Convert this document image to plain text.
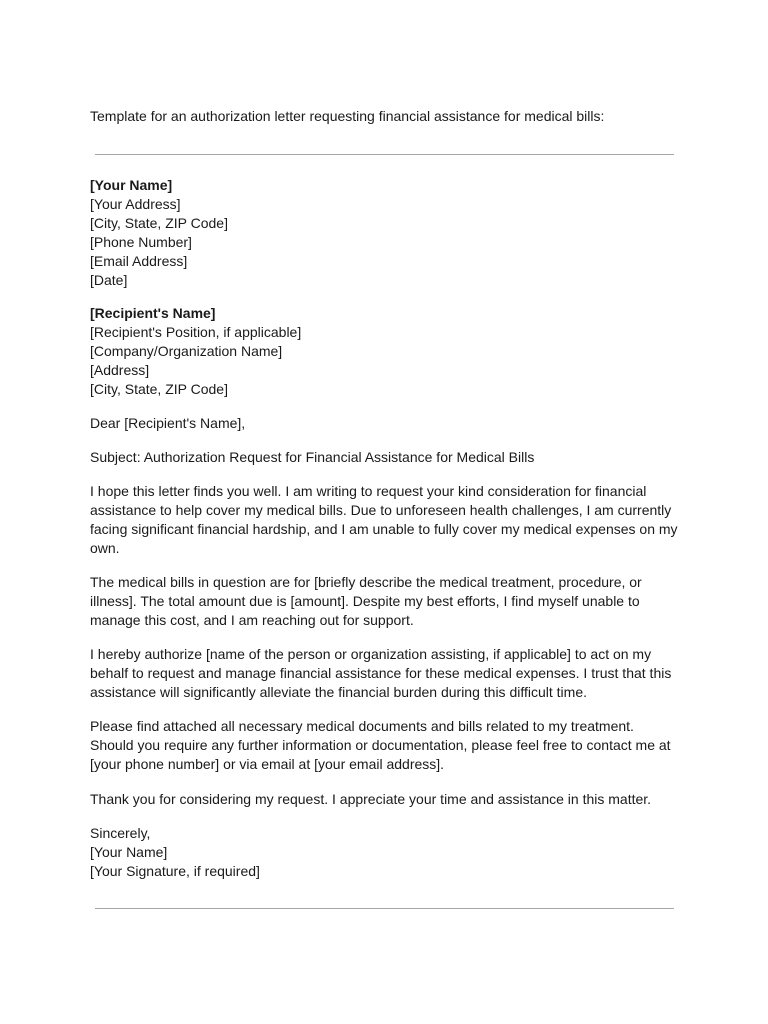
Template for an authorization letter requesting financial assistance for medical bills:
[Your Name]
[Your Address]
[City, State, ZIP Code]
[Phone Number]
[Email Address]
[Date]
[Recipient's Name]
[Recipient's Position, if applicable]
[Company/Organization Name]
[Address]
[City, State, ZIP Code]
Dear [Recipient's Name],
Subject: Authorization Request for Financial Assistance for Medical Bills

I hope this letter finds you well. I am writing to request your kind consideration for financial assistance to help cover my medical bills. Due to unforeseen health challenges, I am currently facing significant financial hardship, and I am unable to fully cover my medical expenses on my own.

The medical bills in question are for [briefly describe the medical treatment, procedure, or illness]. The total amount due is [amount]. Despite my best efforts, I find myself unable to manage this cost, and I am reaching out for support.

I hereby authorize [name of the person or organization assisting, if applicable] to act on my behalf to request and manage financial assistance for these medical expenses. I trust that this assistance will significantly alleviate the financial burden during this difficult time.

Please find attached all necessary medical documents and bills related to my treatment. Should you require any further information or documentation, please feel free to contact me at [your phone number] or via email at [your email address].

Thank you for considering my request. I appreciate your time and assistance in this matter.

Sincerely,
[Your Name]
[Your Signature, if required]
